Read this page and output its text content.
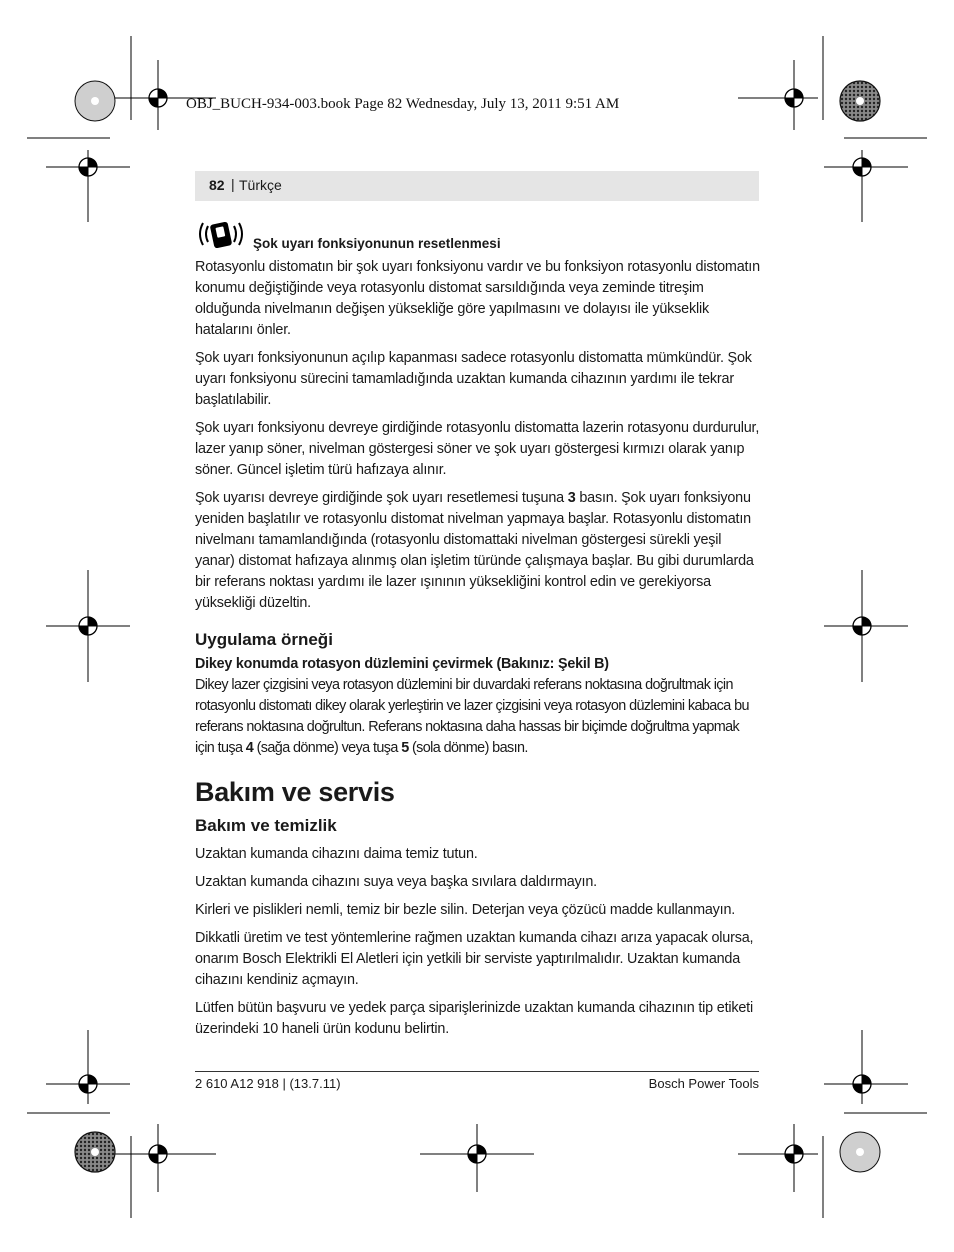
OBJ_BUCH-934-003.book Page 82 Wednesday, July 13, 2011 9:51 AM
82 | Türkçe
Şok uyarı fonksiyonunun resetlenmesi

Rotasyonlu distomatın bir şok uyarı fonksiyonu vardır ve bu fonksiyon rotasyonlu distomatın konumu değiştiğinde veya rotasyonlu distomat sarsıldığında veya zeminde titreşim olduğunda nivelmanın değişen yüksekliğe göre yapılmasını ve dolayısı ile yükseklik hatalarını önler.

Şok uyarı fonksiyonunun açılıp kapanması sadece rotasyonlu distomatta mümkündür. Şok uyarı fonksiyonu sürecini tamamladığında uzaktan kumanda cihazının yardımı ile tekrar başlatılabilir.

Şok uyarı fonksiyonu devreye girdiğinde rotasyonlu distomatta lazerin rotasyonu durdurulur, lazer yanıp söner, nivelman göstergesi söner ve şok uyarı göstergesi kırmızı olarak yanıp söner. Güncel işletim türü hafızaya alınır.

Şok uyarısı devreye girdiğinde şok uyarı resetlemesi tuşuna 3 basın. Şok uyarı fonksiyonu yeniden başlatılır ve rotasyonlu distomat nivelman yapmaya başlar. Rotasyonlu distomatın nivelmanı tamamlandığında (rotasyonlu distomattaki nivelman göstergesi sürekli yeşil yanar) distomat hafızaya alınmış olan işletim türünde çalışmaya başlar. Bu gibi durumlarda bir referans noktası yardımı ile lazer ışınının yüksekliğini kontrol edin ve gerekiyorsa yüksekliği düzeltin.

Uygulama örneği
Dikey konumda rotasyon düzlemini çevirmek (Bakınız: Şekil B)

Dikey lazer çizgisini veya rotasyon düzlemini bir duvardaki referans noktasına doğrultmak için rotasyonlu distomatı dikey olarak yerleştirin ve lazer çizgisini veya rotasyon düzlemini kabaca bu referans noktasına doğrultun. Referans noktasına daha hassas bir biçimde doğrultma yapmak için tuşa 4 (sağa dönme) veya tuşa 5 (sola dönme) basın.

Bakım ve servis
Bakım ve temizlik

Uzaktan kumanda cihazını daima temiz tutun.

Uzaktan kumanda cihazını suya veya başka sıvılara daldırmayın.

Kirleri ve pislikleri nemli, temiz bir bezle silin. Deterjan veya çözücü madde kullanmayın.

Dikkatli üretim ve test yöntemlerine rağmen uzaktan kumanda cihazı arıza yapacak olursa, onarım Bosch Elektrikli El Aletleri için yetkili bir serviste yaptırılmalıdır. Uzaktan kumanda cihazını kendiniz açmayın.

Lütfen bütün başvuru ve yedek parça siparişlerinizde uzaktan kumanda cihazının tip etiketi üzerindeki 10 haneli ürün kodunu belirtin.

2 610 A12 918 | (13.7.11)	Bosch Power Tools
